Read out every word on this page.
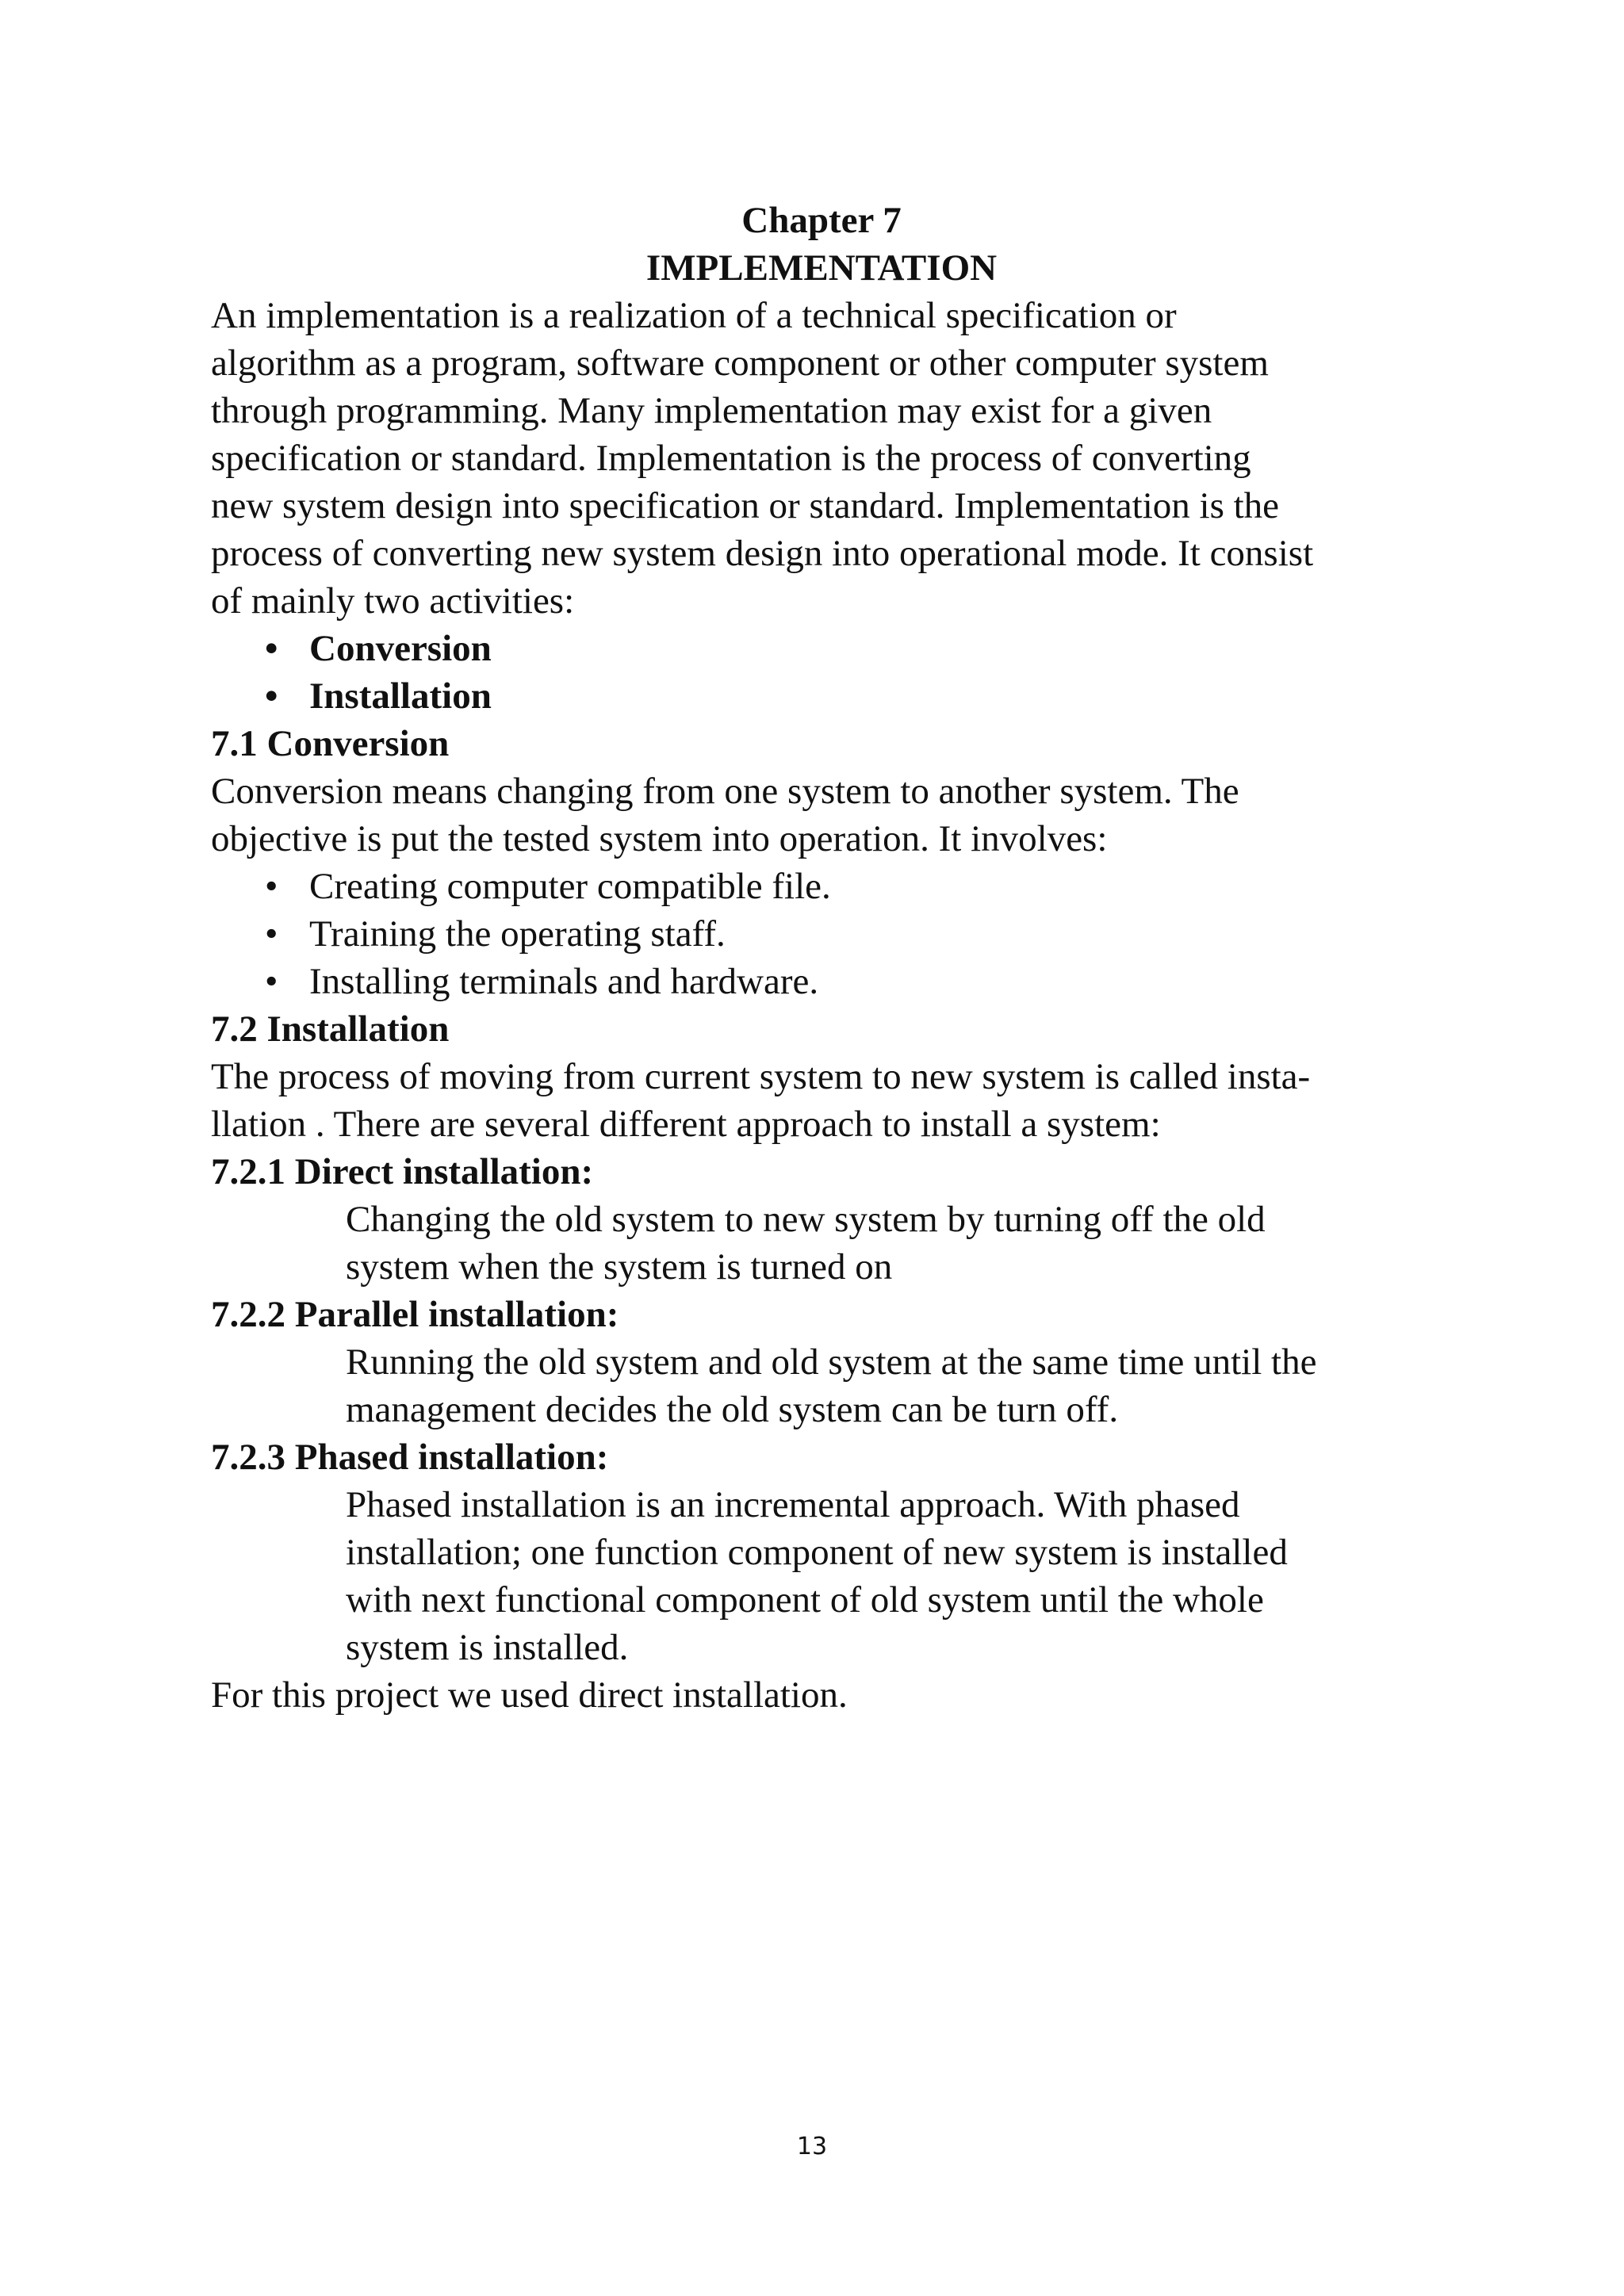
Chapter 7
IMPLEMENTATION

An implementation is a realization of a technical specification or
algorithm as a program, software component or other computer system
through programming. Many implementation may exist for a given
specification or standard. Implementation is the process of converting
new system design into specification or standard. Implementation is the
process of converting new system design into operational mode. It consist
of mainly two activities:

• Conversion
• Installation
7.1 Conversion

Conversion means changing from one system to another system. The
objective is put the tested system into operation. It involves:

• Creating computer compatible file.
• Training the operating staff.
• Installing terminals and hardware.
7.2 Installation

The process of moving from current system to new system is called insta-
llation . There are several different approach to install a system:

7.2.1 Direct installation:

Changing the old system to new system by turning off the old
system when the system is turned on

7.2.2 Parallel installation:

Running the old system and old system at the same time until the
management decides the old system can be turn off.

7.2.3 Phased installation:

Phased installation is an incremental approach. With phased
installation; one function component of new system is installed
with next functional component of old system until the whole
system is installed.

For this project we used direct installation.

13
